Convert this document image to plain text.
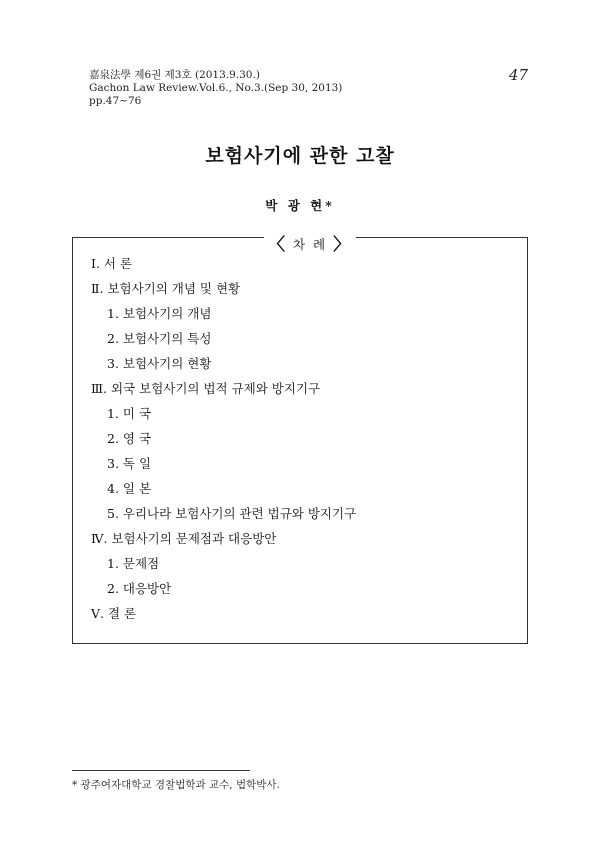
嘉泉法學 제6권 제3호 (2013.9.30.)
Gachon Law Review.Vol.6., No.3.(Sep 30, 2013)
pp.47~76
47
보험사기에 관한 고찰
박 광 현*
〈 차 례 〉
Ⅰ. 서 론
Ⅱ. 보험사기의 개념 및 현황
1. 보험사기의 개념
2. 보험사기의 특성
3. 보험사기의 현황
Ⅲ. 외국 보험사기의 법적 규제와 방지기구
1. 미 국
2. 영 국
3. 독 일
4. 일 본
5. 우리나라 보험사기의 관련 법규와 방지기구
Ⅳ. 보험사기의 문제점과 대응방안
1. 문제점
2. 대응방안
Ⅴ. 결 론
* 광주여자대학교 경찰법학과 교수, 법학박사.
